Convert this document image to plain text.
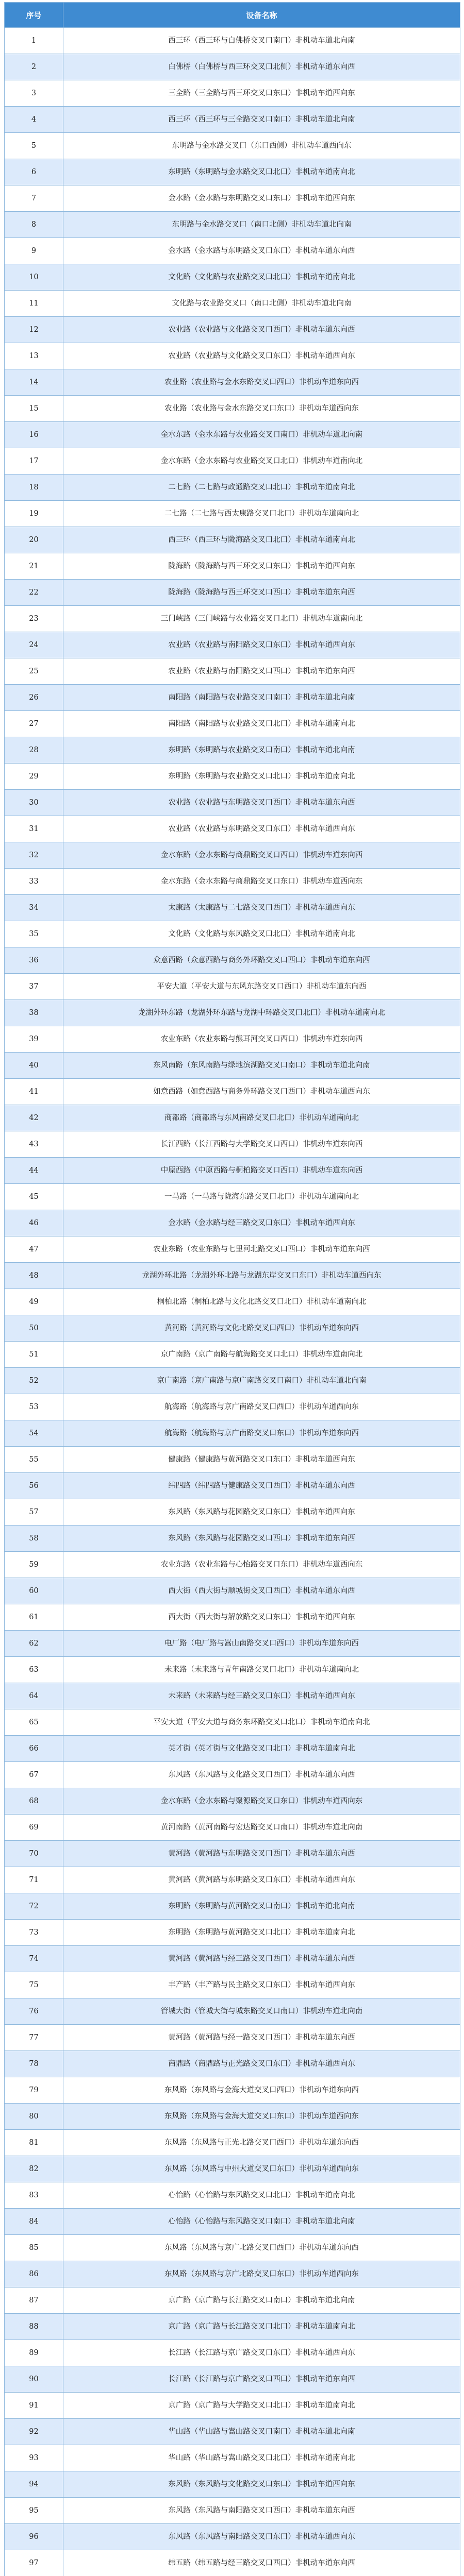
序号	设备名称
1	西三环（西三环与白佛桥交叉口南口）非机动车道北向南
2	白佛桥（白佛桥与西三环交叉口北侧）非机动车道东向西
3	三全路（三全路与西三环交叉口东口）非机动车道西向东
4	西三环（西三环与三全路交叉口南口）非机动车道北向南
5	东明路与金水路交叉口（东口西侧）非机动车道西向东
6	东明路（东明路与金水路交叉口北口）非机动车道南向北
7	金水路（金水路与东明路交叉口东口）非机动车道西向东
8	东明路与金水路交叉口（南口北侧）非机动车道北向南
9	金水路（金水路与东明路交叉口东口）非机动车道东向西
10	文化路（文化路与农业路交叉口北口）非机动车道南向北
11	文化路与农业路交叉口（南口北侧）非机动车道北向南
12	农业路（农业路与文化路交叉口西口）非机动车道东向西
13	农业路（农业路与文化路交叉口东口）非机动车道西向东
14	农业路（农业路与金水东路交叉口西口）非机动车道东向西
15	农业路（农业路与金水东路交叉口东口）非机动车道西向东
16	金水东路（金水东路与农业路交叉口南口）非机动车道北向南
17	金水东路（金水东路与农业路交叉口北口）非机动车道南向北
18	二七路（二七路与政通路交叉口北口）非机动车道南向北
19	二七路（二七路与西太康路交叉口北口）非机动车道南向北
20	西三环（西三环与陇海路交叉口北口）非机动车道南向北
21	陇海路（陇海路与西三环交叉口东口）非机动车道西向东
22	陇海路（陇海路与西三环交叉口西口）非机动车道东向西
23	三门峡路（三门峡路与农业路交叉口北口）非机动车道南向北
24	农业路（农业路与南阳路交叉口东口）非机动车道西向东
25	农业路（农业路与南阳路交叉口西口）非机动车道东向西
26	南阳路（南阳路与农业路交叉口南口）非机动车道北向南
27	南阳路（南阳路与农业路交叉口北口）非机动车道南向北
28	东明路（东明路与农业路交叉口南口）非机动车道北向南
29	东明路（东明路与农业路交叉口北口）非机动车道南向北
30	农业路（农业路与东明路交叉口西口）非机动车道东向西
31	农业路（农业路与东明路交叉口东口）非机动车道西向东
32	金水东路（金水东路与商鼎路交叉口西口）非机动车道东向西
33	金水东路（金水东路与商鼎路交叉口东口）非机动车道西向东
34	太康路（太康路与二七路交叉口西口）非机动车道西向东
35	文化路（文化路与东风路交叉口北口）非机动车道南向北
36	众意西路（众意西路与商务外环路交叉口西口）非机动车道东向西
37	平安大道（平安大道与东风东路交叉口西口）非机动车道东向西
38	龙湖外环东路（龙湖外环东路与龙湖中环路交叉口北口）非机动车道南向北
39	农业东路（农业东路与熊耳河交叉口西口）非机动车道东向西
40	东风南路（东风南路与绿地滨湖路交叉口南口）非机动车道北向南
41	如意西路（如意西路与商务外环路交叉口西口）非机动车道西向东
42	商都路（商都路与东风南路交叉口北口）非机动车道南向北
43	长江西路（长江西路与大学路交叉口西口）非机动车道东向西
44	中原西路（中原西路与桐柏路交叉口西口）非机动车道东向西
45	一马路（一马路与陇海东路交叉口北口）非机动车道南向北
46	金水路（金水路与经三路交叉口东口）非机动车道西向东
47	农业东路（农业东路与七里河北路交叉口西口）非机动车道东向西
48	龙湖外环北路（龙湖外环北路与龙湖东岸交叉口东口）非机动车道西向东
49	桐柏北路（桐柏北路与文化北路交叉口北口）非机动车道南向北
50	黄河路（黄河路与文化北路交叉口西口）非机动车道东向西
51	京广南路（京广南路与航海路交叉口北口）非机动车道南向北
52	京广南路（京广南路与京广南路交叉口南口）非机动车道北向南
53	航海路（航海路与京广南路交叉口西口）非机动车道西向东
54	航海路（航海路与京广南路交叉口东口）非机动车道东向西
55	健康路（健康路与黄河路交叉口东口）非机动车道西向东
56	纬四路（纬四路与健康路交叉口西口）非机动车道东向西
57	东风路（东风路与花园路交叉口东口）非机动车道西向东
58	东风路（东风路与花园路交叉口西口）非机动车道东向西
59	农业东路（农业东路与心怡路交叉口东口）非机动车道西向东
60	西大街（西大街与顺城街交叉口西口）非机动车道东向西
61	西大街（西大街与解放路交叉口东口）非机动车道西向东
62	电厂路（电厂路与嵩山南路交叉口西口）非机动车道东向西
63	未来路（未来路与青年南路交叉口北口）非机动车道南向北
64	未来路（未来路与经三路交叉口东口）非机动车道西向东
65	平安大道（平安大道与商务东环路交叉口北口）非机动车道南向北
66	英才街（英才街与文化路交叉口北口）非机动车道南向北
67	东风路（东风路与文化路交叉口西口）非机动车道东向西
68	金水东路（金水东路与聚源路交叉口东口）非机动车道西向东
69	黄河南路（黄河南路与宏达路交叉口南口）非机动车道北向南
70	黄河路（黄河路与东明路交叉口西口）非机动车道东向西
71	黄河路（黄河路与东明路交叉口东口）非机动车道西向东
72	东明路（东明路与黄河路交叉口南口）非机动车道北向南
73	东明路（东明路与黄河路交叉口北口）非机动车道南向北
74	黄河路（黄河路与经三路交叉口西口）非机动车道东向西
75	丰产路（丰产路与民主路交叉口东口）非机动车道西向东
76	管城大街（管城大街与城东路交叉口南口）非机动车道北向南
77	黄河路（黄河路与经一路交叉口西口）非机动车道东向西
78	商鼎路（商鼎路与正光路交叉口东口）非机动车道西向东
79	东风路（东风路与金海大道交叉口西口）非机动车道东向西
80	东风路（东风路与金海大道交叉口东口）非机动车道西向东
81	东风路（东风路与正光北路交叉口西口）非机动车道东向西
82	东风路（东风路与中州大道交叉口东口）非机动车道西向东
83	心怡路（心怡路与东风路交叉口北口）非机动车道南向北
84	心怡路（心怡路与东风路交叉口南口）非机动车道北向南
85	东风路（东风路与京广北路交叉口西口）非机动车道东向西
86	东风路（东风路与京广北路交叉口东口）非机动车道西向东
87	京广路（京广路与长江路交叉口南口）非机动车道北向南
88	京广路（京广路与长江路交叉口北口）非机动车道南向北
89	长江路（长江路与京广路交叉口东口）非机动车道西向东
90	长江路（长江路与京广路交叉口西口）非机动车道东向西
91	京广路（京广路与大学路交叉口北口）非机动车道南向北
92	华山路（华山路与嵩山路交叉口南口）非机动车道北向南
93	华山路（华山路与嵩山路交叉口北口）非机动车道南向北
94	东风路（东风路与文化路交叉口东口）非机动车道西向东
95	东风路（东风路与南阳路交叉口西口）非机动车道东向西
96	东风路（东风路与南阳路交叉口东口）非机动车道西向东
97	纬五路（纬五路与经三路交叉口西口）非机动车道东向西
